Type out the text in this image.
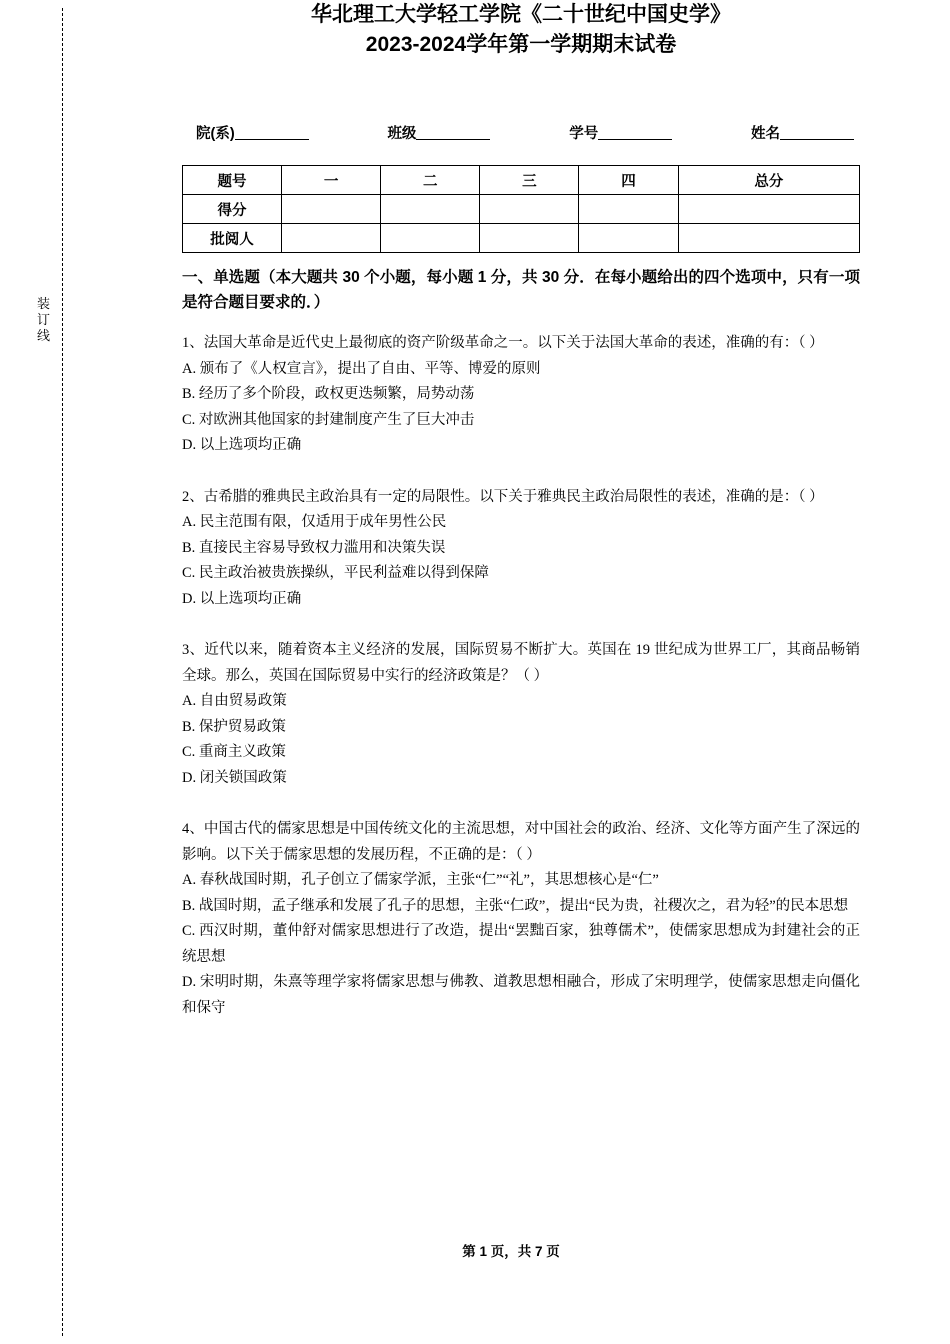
装订线
华北理工大学轻工学院《二十世纪中国史学》
2023-2024学年第一学期期末试卷
院(系)	班级	学号	姓名
题号	一	二	三	四	总分
得分					
批阅人					
一、单选题（本大题共 30 个小题，每小题 1 分，共 30 分．在每小题给出的四个选项中，只有一项是符合题目要求的．）
1、法国大革命是近代史上最彻底的资产阶级革命之一。以下关于法国大革命的表述，准确的有：（ ）
A. 颁布了《人权宣言》，提出了自由、平等、博爱的原则
B. 经历了多个阶段，政权更迭频繁，局势动荡
C. 对欧洲其他国家的封建制度产生了巨大冲击
D. 以上选项均正确
2、古希腊的雅典民主政治具有一定的局限性。以下关于雅典民主政治局限性的表述，准确的是：（ ）
A. 民主范围有限，仅适用于成年男性公民
B. 直接民主容易导致权力滥用和决策失误
C. 民主政治被贵族操纵，平民利益难以得到保障
D. 以上选项均正确
3、近代以来，随着资本主义经济的发展，国际贸易不断扩大。英国在 19 世纪成为世界工厂，其商品畅销全球。那么，英国在国际贸易中实行的经济政策是？（ ）
A. 自由贸易政策
B. 保护贸易政策
C. 重商主义政策
D. 闭关锁国政策
4、中国古代的儒家思想是中国传统文化的主流思想，对中国社会的政治、经济、文化等方面产生了深远的影响。以下关于儒家思想的发展历程，不正确的是：（ ）
A. 春秋战国时期，孔子创立了儒家学派，主张“仁”“礼”，其思想核心是“仁”
B. 战国时期，孟子继承和发展了孔子的思想，主张“仁政”，提出“民为贵，社稷次之，君为轻”的民本思想
C. 西汉时期，董仲舒对儒家思想进行了改造，提出“罢黜百家，独尊儒术”，使儒家思想成为封建社会的正统思想
D. 宋明时期，朱熹等理学家将儒家思想与佛教、道教思想相融合，形成了宋明理学，使儒家思想走向僵化和保守
第 1 页，共 7 页
